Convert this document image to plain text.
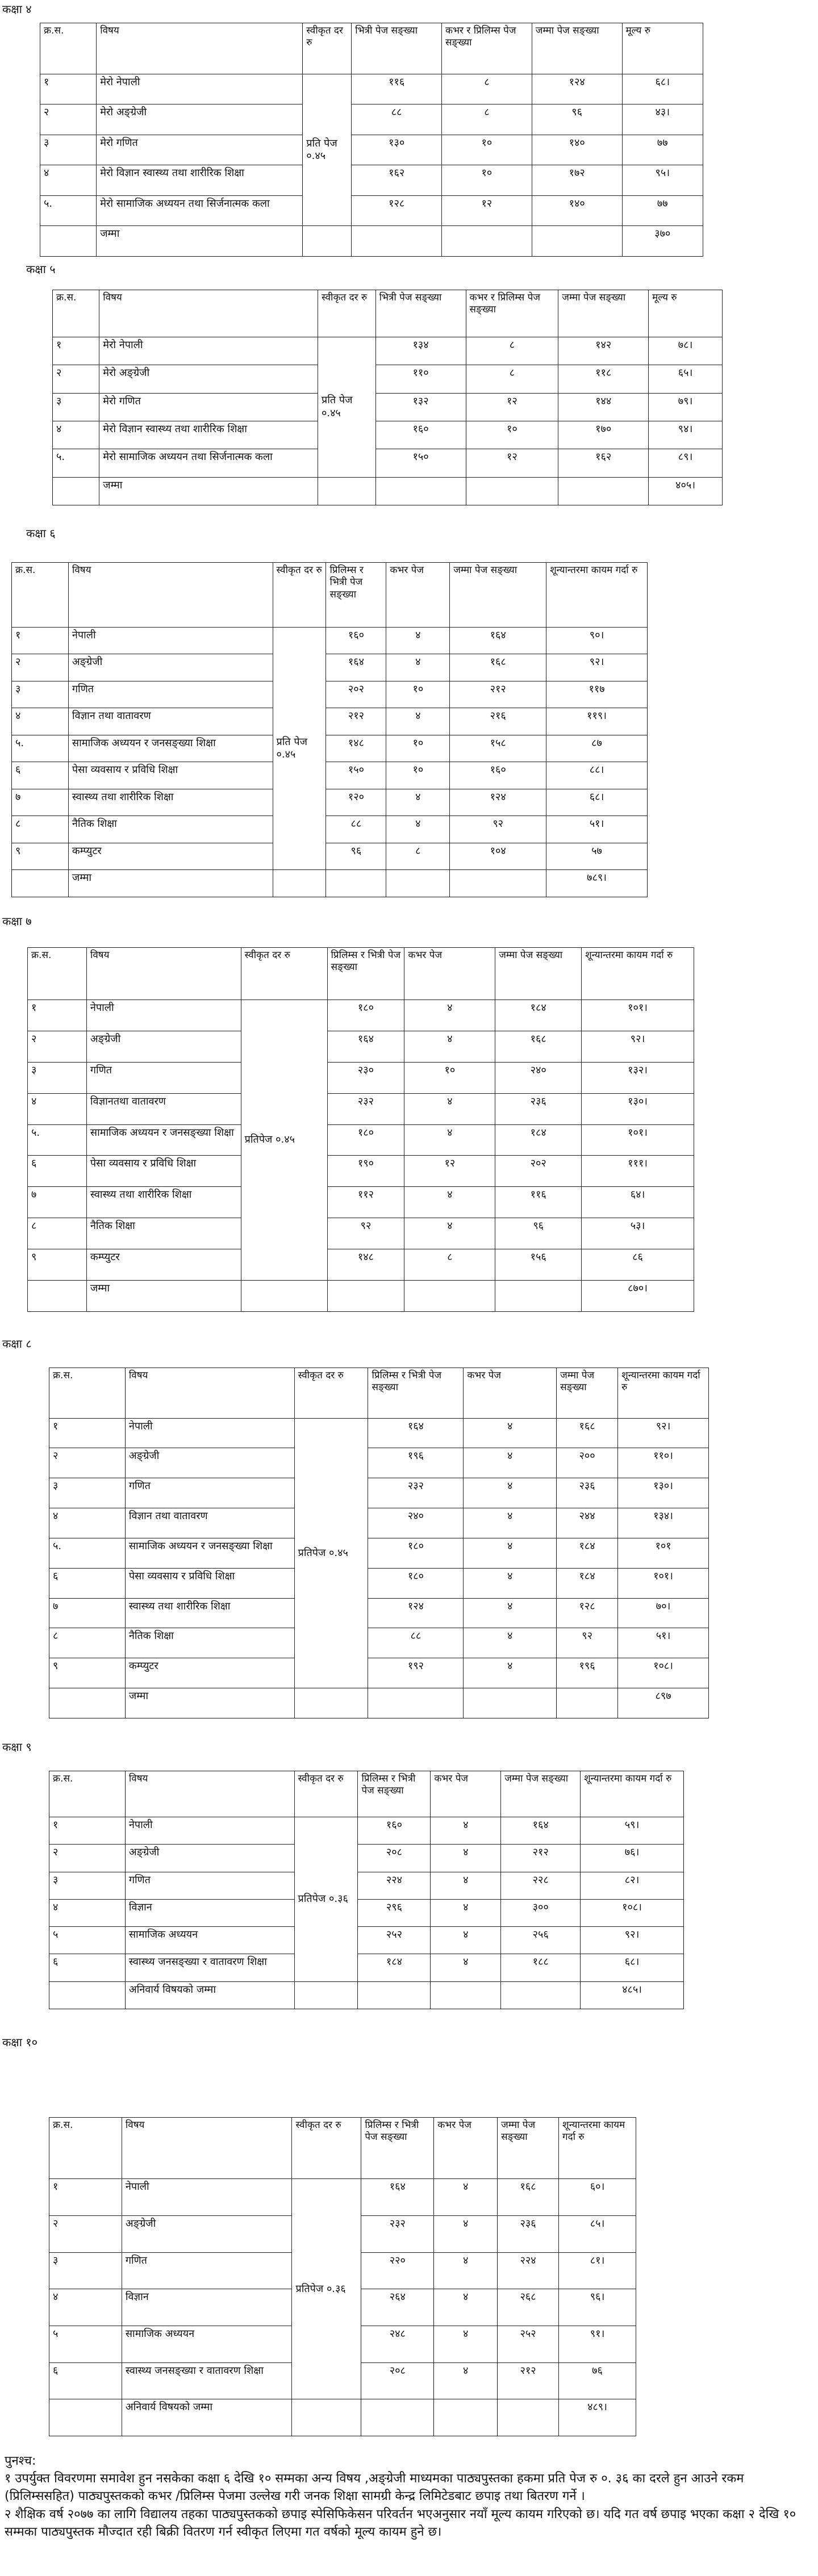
कक्षा ४
कक्षा ५
कक्षा ६
कक्षा ७
कक्षा ८
कक्षा ९
कक्षा १०
क्र.स.	विषय	स्वीकृत दर रु	भित्री पेज सङ्ख्या	कभर र प्रिलिम्स पेज सङ्ख्या	जम्मा पेज सङ्ख्या	मूल्य रु
१	मेरो नेपाली	प्रति पेज ०.४५	११६	८	१२४	६८।
२	मेरो अङ्ग्रेजी		८८	८	९६	४३।
३	मेरो गणित		१३०	१०	१४०	७७
४	मेरो विज्ञान स्वास्थ्य तथा शारीरिक शिक्षा		१६२	१०	१७२	९५।
५.	मेरो सामाजिक अध्ययन तथा सिर्जनात्मक कला		१२८	१२	१४०	७७
	जम्मा					३७०
क्र.स.	विषय	स्वीकृत दर रु	भित्री पेज सङ्ख्या	कभर र प्रिलिम्स पेज सङ्ख्या	जम्मा पेज सङ्ख्या	मूल्य रु
१	मेरो नेपाली	प्रति पेज ०.४५	१३४	८	१४२	७८।
२	मेरो अङ्ग्रेजी		११०	८	११८	६५।
३	मेरो गणित		१३२	१२	१४४	७९।
४	मेरो विज्ञान स्वास्थ्य तथा शारीरिक शिक्षा		१६०	१०	१७०	९४।
५.	मेरो सामाजिक अध्ययन तथा सिर्जनात्मक कला		१५०	१२	१६२	८९।
	जम्मा					४०५।
क्र.स.	विषय	स्वीकृत दर रु	प्रिलिम्स र भित्री पेज सङ्ख्या	कभर पेज	जम्मा पेज सङ्ख्या	शून्यान्तरमा कायम गर्दा रु
१	नेपाली	प्रति पेज ०.४५	१६०	४	१६४	९०।
२	अङ्ग्रेजी		१६४	४	१६८	९२।
३	गणित		२०२	१०	२१२	११७
४	विज्ञान तथा वातावरण		२१२	४	२१६	११९।
५.	सामाजिक अध्ययन र जनसङ्ख्या शिक्षा		१४८	१०	१५८	८७
६	पेसा व्यवसाय र प्रविधि शिक्षा		१५०	१०	१६०	८८।
७	स्वास्थ्य तथा शारीरिक शिक्षा		१२०	४	१२४	६८।
८	नैतिक शिक्षा		८८	४	९२	५१।
९	कम्प्युटर		९६	८	१०४	५७
	जम्मा					७८९।
क्र.स.	विषय	स्वीकृत दर रु	प्रिलिम्स र भित्री पेज सङ्ख्या	कभर पेज	जम्मा पेज सङ्ख्या	शून्यान्तरमा कायम गर्दा रु
१	नेपाली	प्रतिपेज ०.४५	१८०	४	१८४	१०१।
२	अङ्ग्रेजी		१६४	४	१६८	९२।
३	गणित		२३०	१०	२४०	१३२।
४	विज्ञानतथा वातावरण		२३२	४	२३६	१३०।
५.	सामाजिक अध्ययन र जनसङ्ख्या शिक्षा		१८०	४	१८४	१०१।
६	पेसा व्यवसाय र प्रविधि शिक्षा		१९०	१२	२०२	१११।
७	स्वास्थ्य तथा शारीरिक शिक्षा		११२	४	११६	६४।
८	नैतिक शिक्षा		९२	४	९६	५३।
९	कम्प्युटर		१४८	८	१५६	८६
	जम्मा					८७०।
क्र.स.	विषय	स्वीकृत दर रु	प्रिलिम्स र भित्री पेज सङ्ख्या	कभर पेज	जम्मा पेज सङ्ख्या	शून्यान्तरमा कायम गर्दा रु
१	नेपाली	प्रतिपेज ०.४५	१६४	४	१६८	९२।
२	अङ्ग्रेजी		१९६	४	२००	११०।
३	गणित		२३२	४	२३६	१३०।
४	विज्ञान तथा वातावरण		२४०	४	२४४	१३४।
५.	सामाजिक अध्ययन र जनसङ्ख्या शिक्षा		१८०	४	१८४	१०१
६	पेसा व्यवसाय र प्रविधि शिक्षा		१८०	४	१८४	१०१।
७	स्वास्थ्य तथा शारीरिक शिक्षा		१२४	४	१२८	७०।
८	नैतिक शिक्षा		८८	४	९२	५१।
९	कम्प्युटर		१९२	४	१९६	१०८।
	जम्मा					८९७
क्र.स.	विषय	स्वीकृत दर रु	प्रिलिम्स र भित्री पेज सङ्ख्या	कभर पेज	जम्मा पेज सङ्ख्या	शून्यान्तरमा कायम गर्दा रु
१	नेपाली	प्रतिपेज ०.३६	१६०	४	१६४	५९।
२	अङ्ग्रेजी		२०८	४	२१२	७६।
३	गणित		२२४	४	२२८	८२।
४	विज्ञान		२९६	४	३००	१०८।
५	सामाजिक अध्ययन		२५२	४	२५६	९२।
६	स्वास्थ्य जनसङ्ख्या र वातावरण शिक्षा		१८४	४	१८८	६८।
	अनिवार्य विषयको जम्मा					४८५।
क्र.स.	विषय	स्वीकृत दर रु	प्रिलिम्स र भित्री पेज सङ्ख्या	कभर पेज	जम्मा पेज सङ्ख्या	शून्यान्तरमा कायम गर्दा रु
१	नेपाली	प्रतिपेज ०.३६	१६४	४	१६८	६०।
२	अङ्ग्रेजी		२३२	४	२३६	८५।
३	गणित		२२०	४	२२४	८१।
४	विज्ञान		२६४	४	२६८	९६।
५	सामाजिक अध्ययन		२४८	४	२५२	९१।
६	स्वास्थ्य जनसङ्ख्या र वातावरण शिक्षा		२०८	४	२१२	७६
	अनिवार्य विषयको जम्मा					४८९।

पुनश्च:

१ उपर्युक्त विवरणमा समावेश हुन नसकेका कक्षा ६ देखि १० सम्मका अन्य विषय ,अङ्ग्रेजी माध्यमका पाठ्यपुस्तका हकमा प्रति पेज रु ०. ३६ का दरले हुन आउने रकम (प्रिलिम्ससहित) पाठ्यपुस्तकको कभर /प्रिलिम्स पेजमा उल्लेख गरी जनक शिक्षा सामग्री केन्द्र लिमिटेडबाट छपाइ तथा बितरण गर्ने ।

२ शैक्षिक वर्ष २०७७ का लागि विद्यालय तहका पाठ्यपुस्तकको छपाइ स्पेसिफिकेसन परिवर्तन भएअनुसार नयाँ मूल्य कायम गरिएको छ। यदि गत वर्ष छपाइ भएका कक्षा २ देखि १० सम्मका पाठ्यपुस्तक मौज्दात रही बिक्री वितरण गर्न स्वीकृत लिएमा गत वर्षको मूल्य कायम हुने छ।
